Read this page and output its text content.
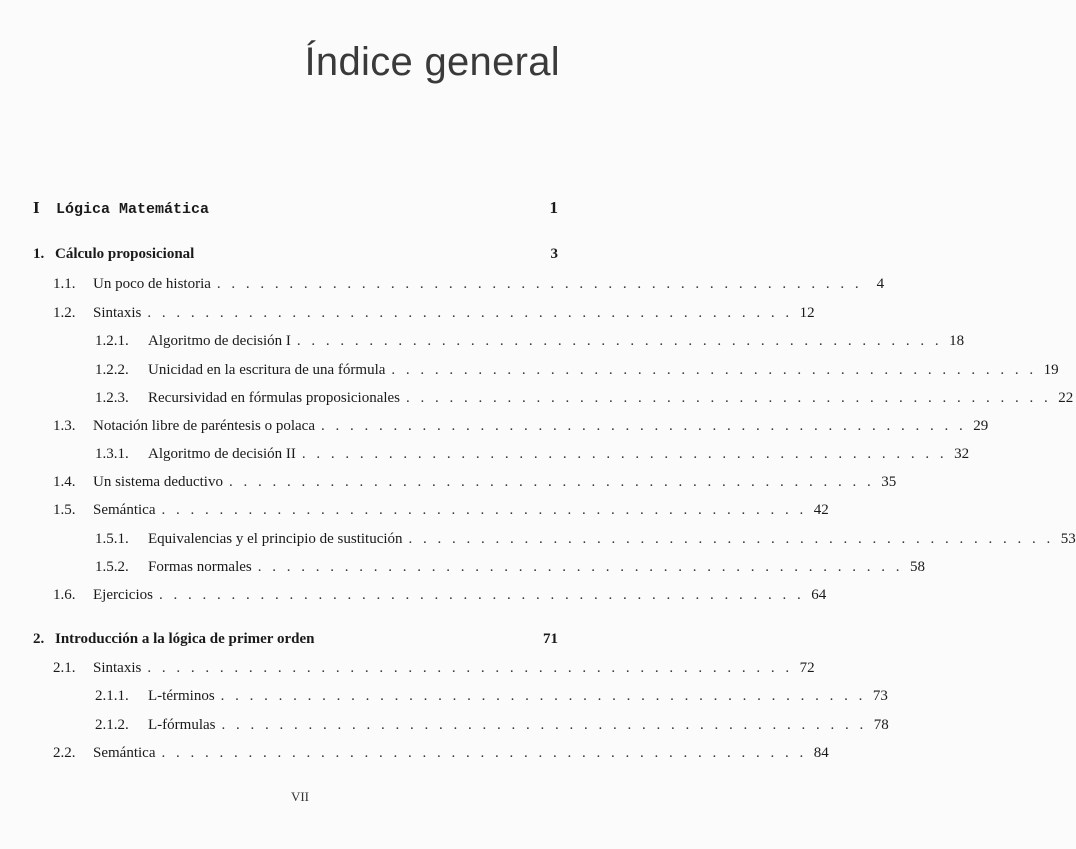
Índice general
I	Lógica Matemática	1
1. Cálculo proposicional	3
1.1.	Un poco de historia . . . . . . . . . . . . . . . . . . . . . . . . . . . . . . . . . . . . . . . . . . . . . 4
1.2.	Sintaxis . . . . . . . . . . . . . . . . . . . . . . . . . . . . . . . . . . . . . . . . . . . . . 12
1.2.1.	Algoritmo de decisión I . . . . . . . . . . . . . . . . . . . . . . . . . . . . . . . . . . . . . . . . . . . . . 18
1.2.2.	Unicidad en la escritura de una fórmula . . . . . . . . . . . . . . . . . . . . . . . . . . . . . . . . . . . . . . . . . . . . . 19
1.2.3.	Recursividad en fórmulas proposicionales . . . . . . . . . . . . . . . . . . . . . . . . . . . . . . . . . . . . . . . . . . . . . 22
1.3.	Notación libre de paréntesis o polaca . . . . . . . . . . . . . . . . . . . . . . . . . . . . . . . . . . . . . . . . . . . . . 29
1.3.1.	Algoritmo de decisión II . . . . . . . . . . . . . . . . . . . . . . . . . . . . . . . . . . . . . . . . . . . . . 32
1.4.	Un sistema deductivo . . . . . . . . . . . . . . . . . . . . . . . . . . . . . . . . . . . . . . . . . . . . . 35
1.5.	Semántica . . . . . . . . . . . . . . . . . . . . . . . . . . . . . . . . . . . . . . . . . . . . . 42
1.5.1.	Equivalencias y el principio de sustitución . . . . . . . . . . . . . . . . . . . . . . . . . . . . . . . . . . . . . . . . . . . . . 53
1.5.2.	Formas normales . . . . . . . . . . . . . . . . . . . . . . . . . . . . . . . . . . . . . . . . . . . . . 58
1.6.	Ejercicios . . . . . . . . . . . . . . . . . . . . . . . . . . . . . . . . . . . . . . . . . . . . . 64
2. Introducción a la lógica de primer orden	71
2.1.	Sintaxis . . . . . . . . . . . . . . . . . . . . . . . . . . . . . . . . . . . . . . . . . . . . . 72
2.1.1.	L-términos . . . . . . . . . . . . . . . . . . . . . . . . . . . . . . . . . . . . . . . . . . . . . 73
2.1.2.	L-fórmulas . . . . . . . . . . . . . . . . . . . . . . . . . . . . . . . . . . . . . . . . . . . . . 78
2.2.	Semántica . . . . . . . . . . . . . . . . . . . . . . . . . . . . . . . . . . . . . . . . . . . . . 84
VII
